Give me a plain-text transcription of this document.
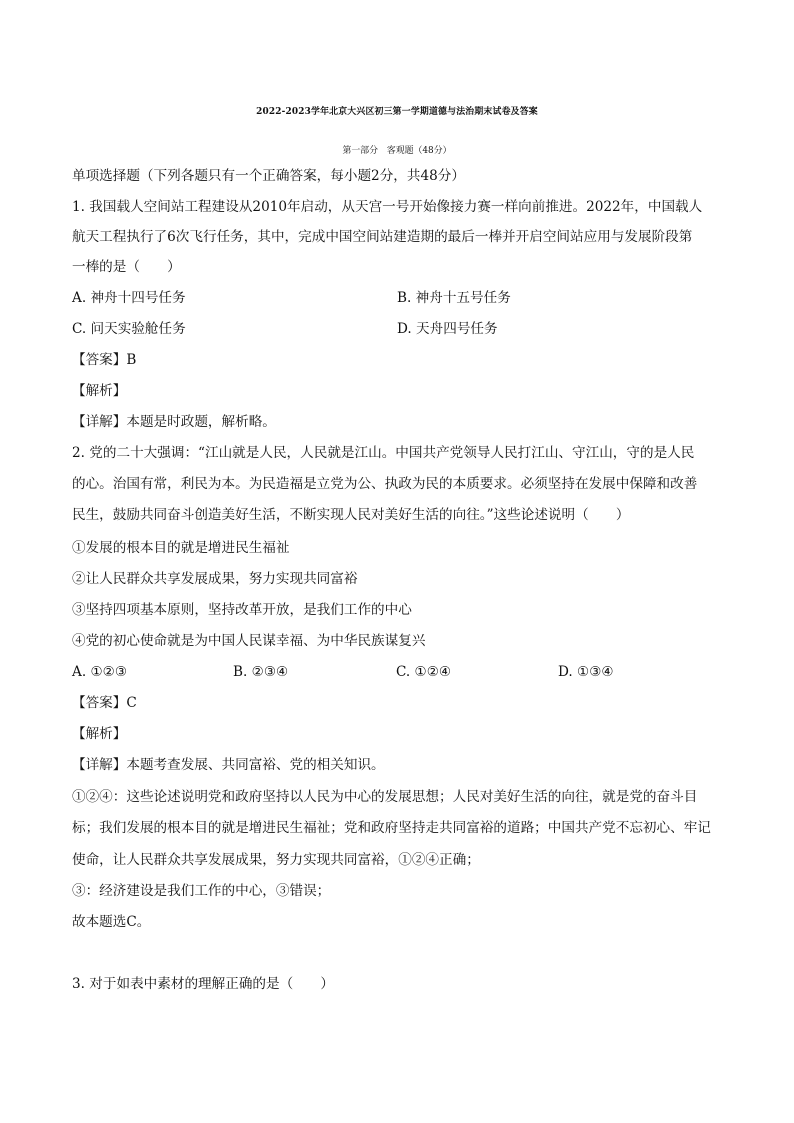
2022-2023学年北京大兴区初三第一学期道德与法治期末试卷及答案
第一部分　客观题（48分）
单项选择题（下列各题只有一个正确答案，每小题2分，共48分）
1. 我国载人空间站工程建设从2010年启动，从天宫一号开始像接力赛一样向前推进。2022年，中国载人
航天工程执行了6次飞行任务，其中，完成中国空间站建造期的最后一棒并开启空间站应用与发展阶段第
一棒的是（　　）
A. 神舟十四号任务	B. 神舟十五号任务
C. 问天实验舱任务	D. 天舟四号任务
【答案】B
【解析】
【详解】本题是时政题，解析略。
2. 党的二十大强调：“江山就是人民，人民就是江山。中国共产党领导人民打江山、守江山，守的是人民
的心。治国有常，利民为本。为民造福是立党为公、执政为民的本质要求。必须坚持在发展中保障和改善
民生，鼓励共同奋斗创造美好生活，不断实现人民对美好生活的向往。”这些论述说明（　　）
①发展的根本目的就是增进民生福祉
②让人民群众共享发展成果，努力实现共同富裕
③坚持四项基本原则，坚持改革开放，是我们工作的中心
④党的初心使命就是为中国人民谋幸福、为中华民族谋复兴
A. ①②③	B. ②③④	C. ①②④	D. ①③④
【答案】C
【解析】
【详解】本题考查发展、共同富裕、党的相关知识。
①②④：这些论述说明党和政府坚持以人民为中心的发展思想；人民对美好生活的向往，就是党的奋斗目
标；我们发展的根本目的就是增进民生福祉；党和政府坚持走共同富裕的道路；中国共产党不忘初心、牢记
使命，让人民群众共享发展成果，努力实现共同富裕，①②④正确；
③：经济建设是我们工作的中心，③错误；
故本题选C。
3. 对于如表中素材的理解正确的是（　　）
